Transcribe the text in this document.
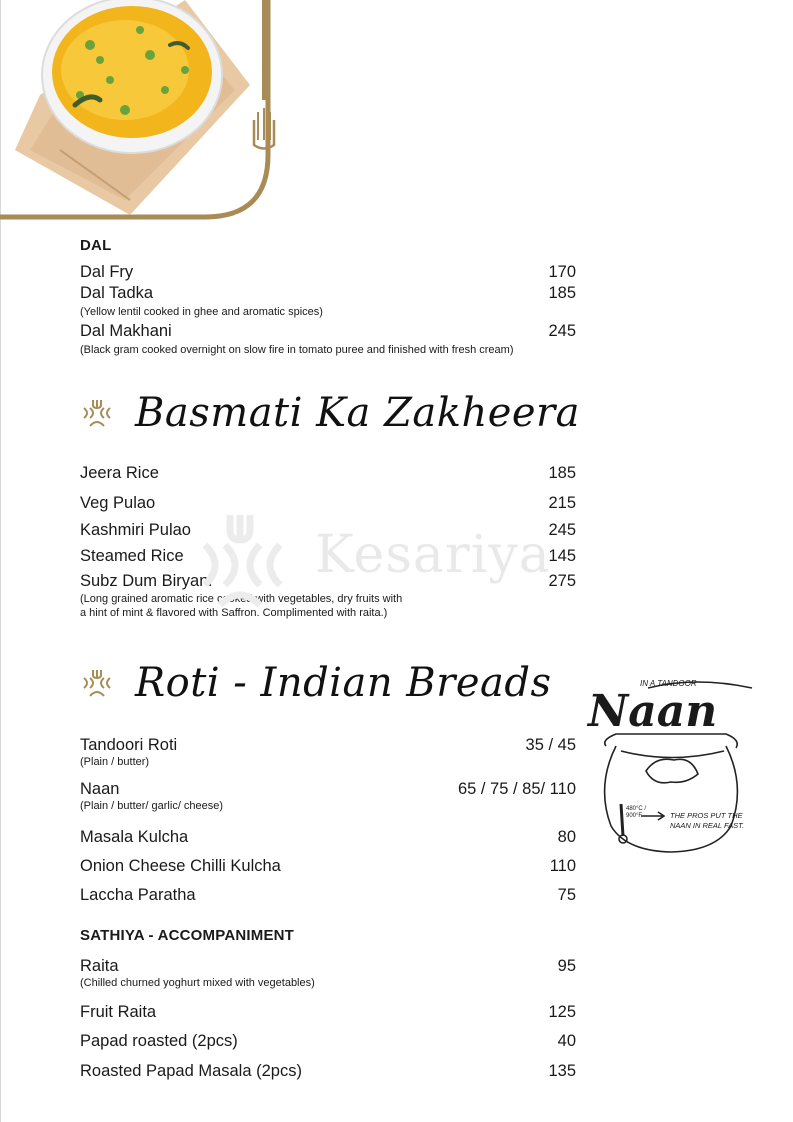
DAL
Dal Fry	170
Dal Tadka	185
(Yellow lentil cooked in ghee and aromatic spices)
Dal Makhani	245
(Black gram cooked overnight on slow fire in tomato puree and finished with fresh cream)
Basmati Ka Zakheera
Jeera Rice	185
Veg Pulao	215
Kashmiri Pulao	245
Steamed Rice	145
Subz Dum Biryani	275
(Long grained aromatic rice cooked with vegetables, dry fruits with
a hint of mint & flavored with Saffron. Complimented with raita.)
Kesariya
Roti - Indian Breads
Tandoori Roti	35 / 45
(Plain / butter)
Naan	65 / 75 / 85/ 110
(Plain / butter/ garlic/ cheese)
Masala Kulcha	80
Onion Cheese Chilli Kulcha	110
Laccha Paratha	75
IN A TANDOOR
Naan
480°C / 900°F	THE PROS PUT THE NAAN IN REAL FAST.
SATHIYA - ACCOMPANIMENT
Raita	95
(Chilled churned yoghurt mixed with vegetables)
Fruit Raita	125
Papad roasted (2pcs)	40
Roasted Papad Masala (2pcs)	135
